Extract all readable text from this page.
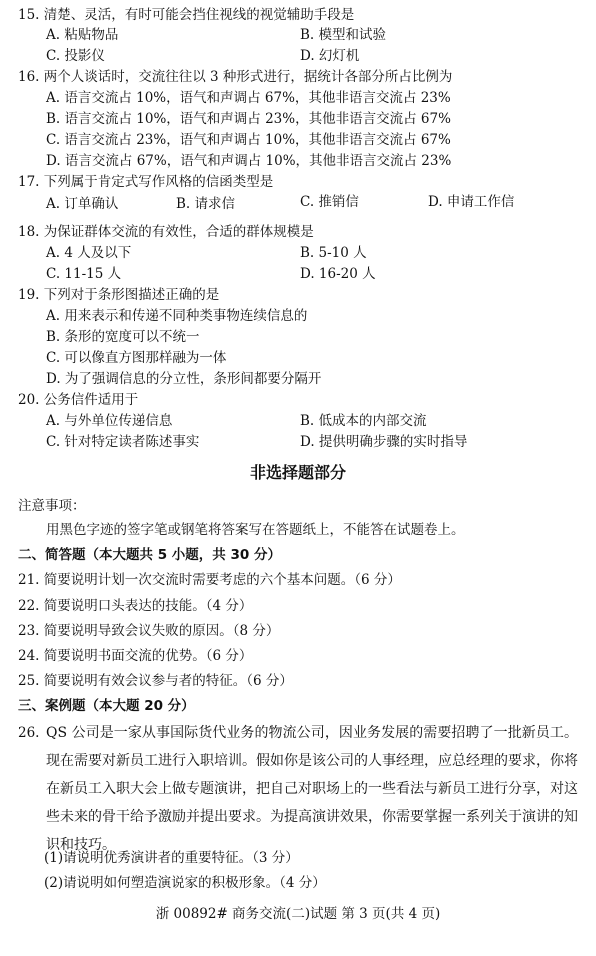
15. 清楚、灵活，有时可能会挡住视线的视觉辅助手段是
A. 粘贴物品	B. 模型和试验
C. 投影仪	D. 幻灯机
16. 两个人谈话时，交流往往以 3 种形式进行，据统计各部分所占比例为
A. 语言交流占 10%，语气和声调占 67%，其他非语言交流占 23%
B. 语言交流占 10%，语气和声调占 23%，其他非语言交流占 67%
C. 语言交流占 23%，语气和声调占 10%，其他非语言交流占 67%
D. 语言交流占 67%，语气和声调占 10%，其他非语言交流占 23%
17. 下列属于肯定式写作风格的信函类型是
A. 订单确认	B. 请求信	C. 推销信	D. 申请工作信
18. 为保证群体交流的有效性，合适的群体规模是
A. 4 人及以下	B. 5-10 人
C. 11-15 人	D. 16-20 人
19. 下列对于条形图描述正确的是
A. 用来表示和传递不同种类事物连续信息的
B. 条形的宽度可以不统一
C. 可以像直方图那样融为一体
D. 为了强调信息的分立性，条形间都要分隔开
20. 公务信件适用于
A. 与外单位传递信息	B. 低成本的内部交流
C. 针对特定读者陈述事实	D. 提供明确步骤的实时指导
非选择题部分
注意事项：
用黑色字迹的签字笔或钢笔将答案写在答题纸上，不能答在试题卷上。
二、简答题（本大题共 5 小题，共 30 分）
21. 简要说明计划一次交流时需要考虑的六个基本问题。（6 分）
22. 简要说明口头表达的技能。（4 分）
23. 简要说明导致会议失败的原因。（8 分）
24. 简要说明书面交流的优势。（6 分）
25. 简要说明有效会议参与者的特征。（6 分）
三、案例题（本大题 20 分）
26. QS 公司是一家从事国际货代业务的物流公司，因业务发展的需要招聘了一批新员工。现在需要对新员工进行入职培训。假如你是该公司的人事经理，应总经理的要求，你将在新员工入职大会上做专题演讲，把自己对职场上的一些看法与新员工进行分享，对这些未来的骨干给予激励并提出要求。为提高演讲效果，你需要掌握一系列关于演讲的知识和技巧。
(1)请说明优秀演讲者的重要特征。（3 分）
(2)请说明如何塑造演说家的积极形象。（4 分）
浙 00892# 商务交流(二)试题 第 3 页(共 4 页)
